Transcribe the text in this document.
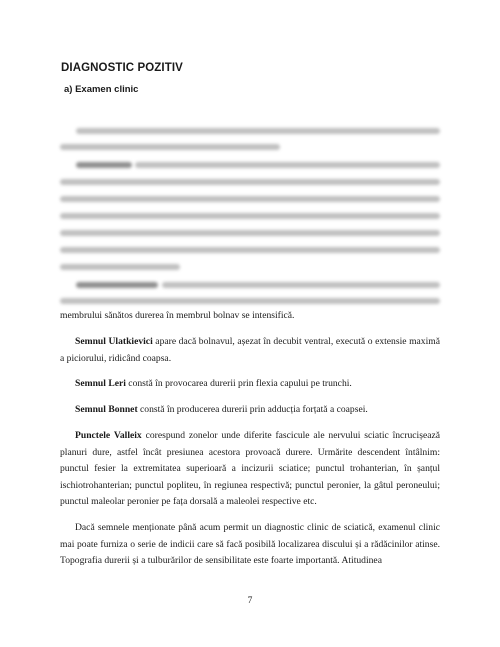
DIAGNOSTIC POZITIV
a) Examen clinic

membrului sănătos durerea în membrul bolnav se intensifică.

Semnul Ulatkievici apare dacă bolnavul, așezat în decubit ventral, execută o extensie maximă a piciorului, ridicând coapsa.

Semnul Leri constă în provocarea durerii prin flexia capului pe trunchi.

Semnul Bonnet constă în producerea durerii prin adducția forțată a coapsei.

Punctele Valleix corespund zonelor unde diferite fascicule ale nervului sciatic încrucișează planuri dure, astfel încât presiunea acestora provoacă durere. Urmărite descendent întâlnim: punctul fesier la extremitatea superioară a incizurii sciatice; punctul trohanterian, în șanțul ischiotrohanterian; punctul popliteu, în regiunea respectivă; punctul peronier, la gâtul peroneului; punctul maleolar peronier pe fața dorsală a maleolei respective etc.

Dacă semnele menționate până acum permit un diagnostic clinic de sciatică, examenul clinic mai poate furniza o serie de indicii care să facă posibilă localizarea discului și a rădăcinilor atinse. Topografia durerii și a tulburărilor de sensibilitate este foarte importantă. Atitudinea

7
